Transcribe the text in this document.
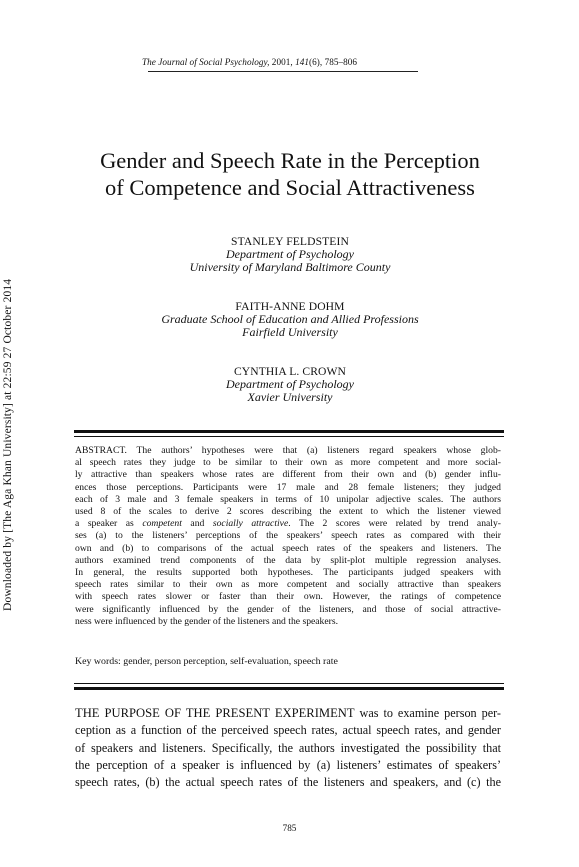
The Journal of Social Psychology, 2001, 141(6), 785–806
Downloaded by [The Aga Khan University] at 22:59 27 October 2014
Gender and Speech Rate in the Perception
of Competence and Social Attractiveness
STANLEY FELDSTEIN
Department of Psychology
University of Maryland Baltimore County
FAITH-ANNE DOHM
Graduate School of Education and Allied Professions
Fairfield University
CYNTHIA L. CROWN
Department of Psychology
Xavier University
ABSTRACT. The authors’ hypotheses were that (a) listeners regard speakers whose glob-
al speech rates they judge to be similar to their own as more competent and more social-
ly attractive than speakers whose rates are different from their own and (b) gender influ-
ences those perceptions. Participants were 17 male and 28 female listeners; they judged
each of 3 male and 3 female speakers in terms of 10 unipolar adjective scales. The authors
used 8 of the scales to derive 2 scores describing the extent to which the listener viewed
a speaker as competent and socially attractive. The 2 scores were related by trend analy-
ses (a) to the listeners’ perceptions of the speakers’ speech rates as compared with their
own and (b) to comparisons of the actual speech rates of the speakers and listeners. The
authors examined trend components of the data by split-plot multiple regression analyses.
In general, the results supported both hypotheses. The participants judged speakers with
speech rates similar to their own as more competent and socially attractive than speakers
with speech rates slower or faster than their own. However, the ratings of competence
were significantly influenced by the gender of the listeners, and those of social attractive-
ness were influenced by the gender of the listeners and the speakers.
Key words: gender, person perception, self-evaluation, speech rate
THE PURPOSE OF THE PRESENT EXPERIMENT was to examine person per-
ception as a function of the perceived speech rates, actual speech rates, and gender
of speakers and listeners. Specifically, the authors investigated the possibility that
the perception of a speaker is influenced by (a) listeners’ estimates of speakers’
speech rates, (b) the actual speech rates of the listeners and speakers, and (c) the
785
